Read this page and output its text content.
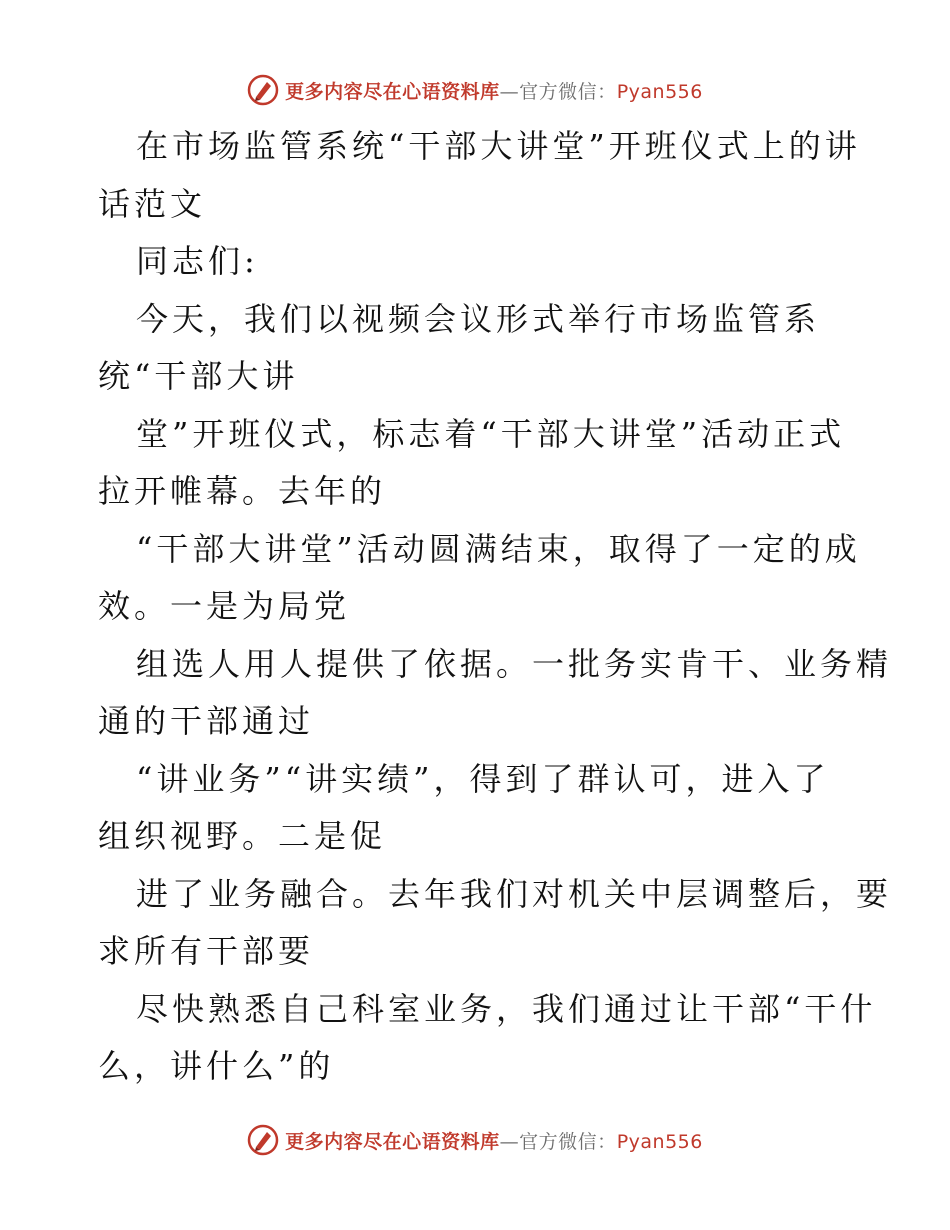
更多内容尽在心语资料库—官方微信：Pyan556
在市场监管系统“干部大讲堂”开班仪式上的讲
话范文
同志们:
今天，我们以视频会议形式举行市场监管系
统“干部大讲
堂”开班仪式，标志着“干部大讲堂”活动正式
拉开帷幕。去年的
“干部大讲堂”活动圆满结束，取得了一定的成
效。一是为局党
组选人用人提供了依据。一批务实肯干、业务精
通的干部通过
“讲业务”“讲实绩”，得到了群认可，进入了
组织视野。二是促
进了业务融合。去年我们对机关中层调整后，要
求所有干部要
尽快熟悉自己科室业务，我们通过让干部“干什
么，讲什么”的
更多内容尽在心语资料库—官方微信：Pyan556
